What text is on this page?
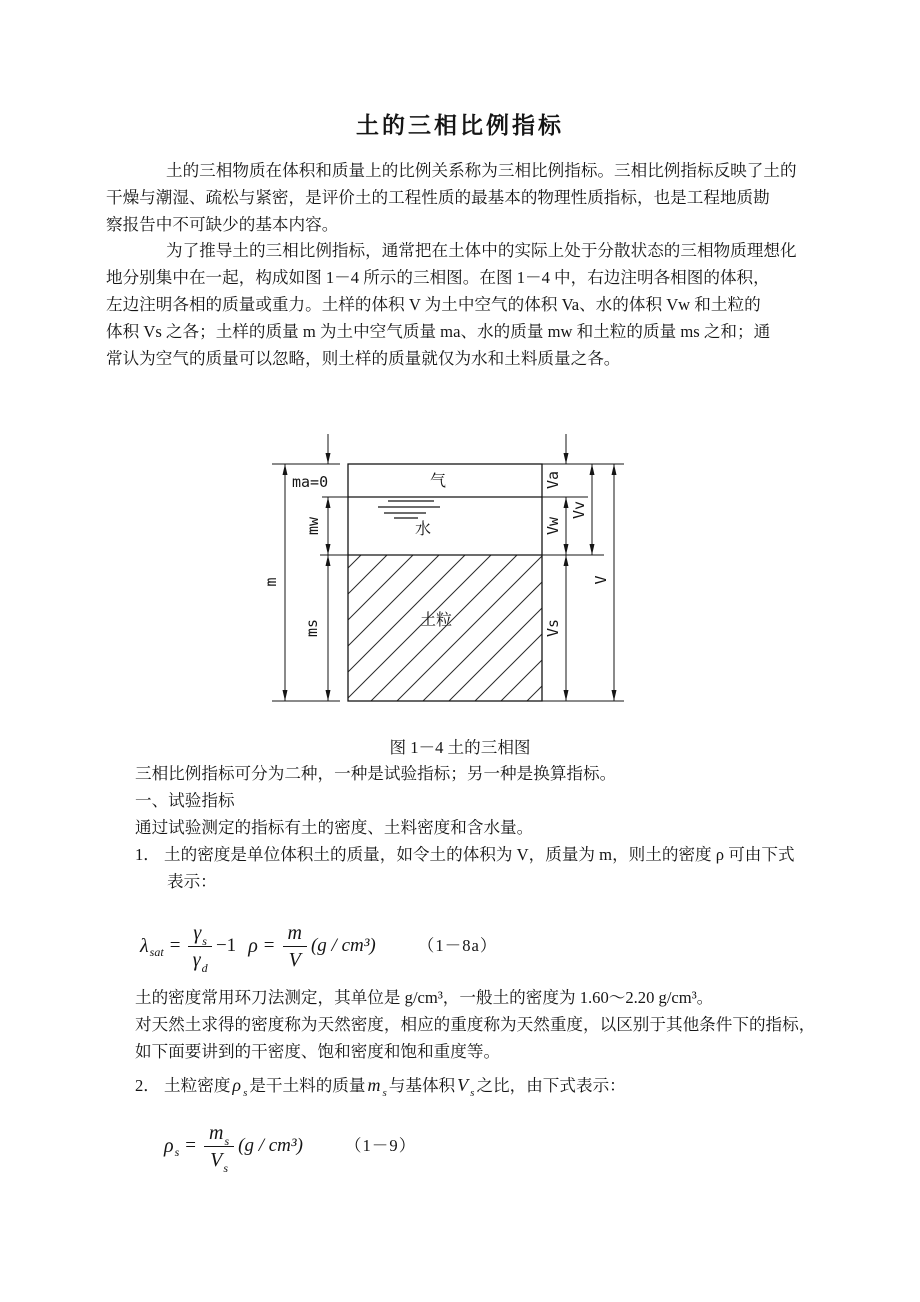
土的三相比例指标
土的三相物质在体积和质量上的比例关系称为三相比例指标。三相比例指标反映了土的
干燥与潮湿、疏松与紧密，是评价土的工程性质的最基本的物理性质指标，也是工程地质勘
察报告中不可缺少的基本内容。
为了推导土的三相比例指标，通常把在土体中的实际上处于分散状态的三相物质理想化
地分别集中在一起，构成如图 1－4 所示的三相图。在图 1－4 中，右边注明各相图的体积，
左边注明各相的质量或重力。土样的体积 V 为土中空气的体积 Va、水的体积 Vw 和土粒的
体积 Vs 之各；土样的质量 m 为土中空气质量 ma、水的质量 mw 和土粒的质量 ms 之和；通
常认为空气的质量可以忽略，则土样的质量就仅为水和土料质量之各。
ma=0
mw
m
ms
Va
Vw
Vv
Vs
V
气
水
土粒
图 1－4 土的三相图
三相比例指标可分为二种，一种是试验指标；另一种是换算指标。
一、试验指标
通过试验测定的指标有土的密度、土料密度和含水量。
1． 土的密度是单位体积土的质量，如令土的体积为 V，质量为 m，则土的密度 ρ 可由下式
表示：
λ sat = $\frac{\gamma_s}{\gamma_d} -1$ $\rho = \frac{m}{V} (g / cm^3)$	（1－8a）
土的密度常用环刀法测定，其单位是 g/cm³，一般土的密度为 1.60～2.20 g/cm³。
对天然土求得的密度称为天然密度，相应的重度称为天然重度，以区别于其他条件下的指标，
如下面要讲到的干密度、饱和密度和饱和重度等。
2． 土粒密度 ρ $_s$ 是干土料的质量 m $_s$ 与基体积 V $_s$ 之比，由下式表示：
ρ $s = \frac{m_s}{V_s} (g / cm^3)$	（1－9）
